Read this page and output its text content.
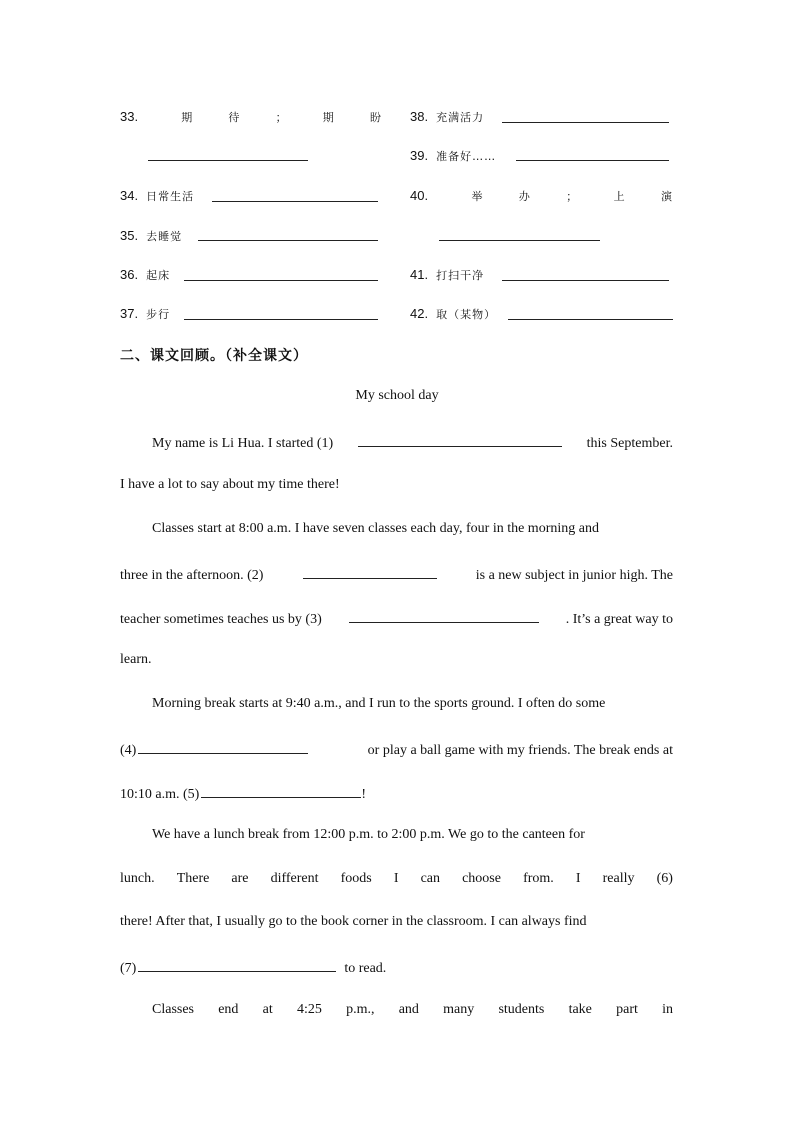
33.	期	待	；	期	盼
34. 日常生活
35. 去睡觉
36. 起床
37. 步行
38. 充满活力
39. 准备好……
40.	举	办	；	上	演
41. 打扫干净
42. 取（某物）
二、课文回顾。（补全课文）
My school day
My name is Li Hua. I started (1)	this September.
I have a lot to say about my time there!
Classes start at 8:00 a.m. I have seven classes each day, four in the morning and
three in the afternoon. (2)	is a new subject in junior high. The
teacher sometimes teaches us by (3)	. It’s a great way to
learn.
Morning break starts at 9:40 a.m., and I run to the sports ground. I often do some
(4)	or play a ball game with my friends. The break ends at
10:10 a.m. (5)	!
We have a lunch break from 12:00 p.m. to 2:00 p.m. We go to the canteen for
lunch. There are different foods I can choose from. I really (6)
there! After that, I usually go to the book corner in the classroom. I can always find
(7)	to read.
Classes end at 4:25 p.m., and many students take part in
